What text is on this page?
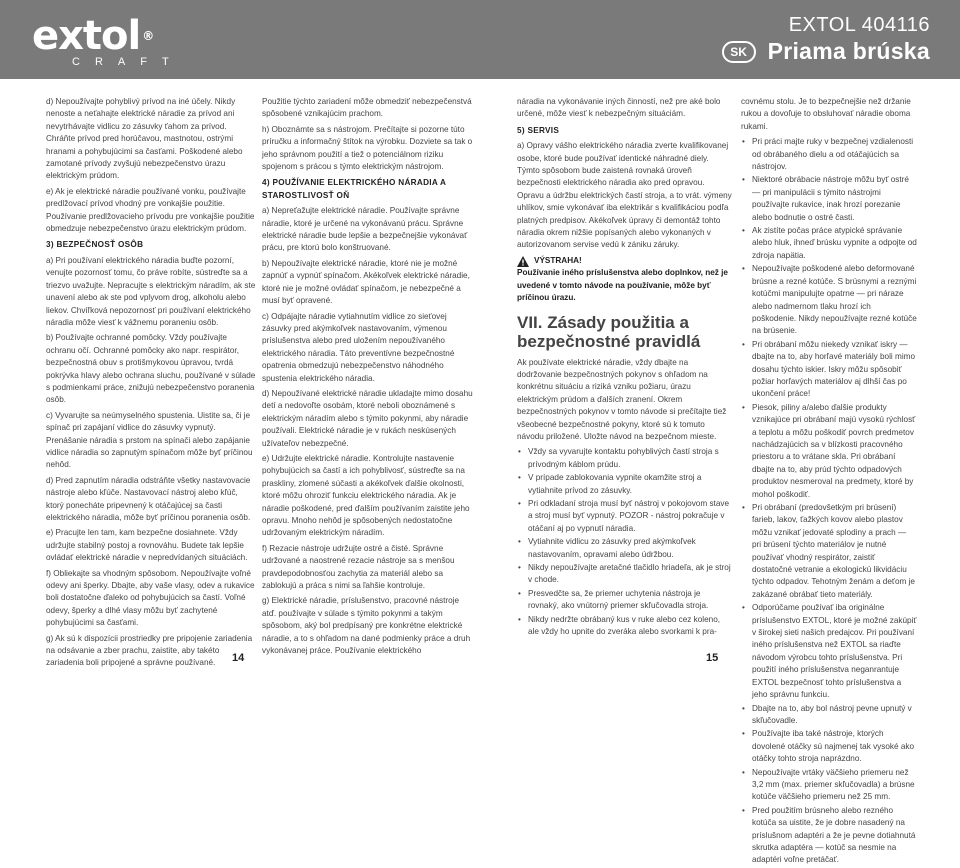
extol ®
CRAFT
EXTOL 404116
SK Priama brúska

d) Nepoužívajte pohyblivý prívod na iné účely. Nikdy nenoste a neťahajte elektrické náradie za prívod ani nevytrhávajte vidlicu zo zásuvky ťahom za prívod. Chráňte prívod pred horúčavou, mastnotou, ostrými hranami a pohybujúcimi sa časťami. Poškodené alebo zamotané prívody zvyšujú nebezpečenstvo úrazu elektrickým prúdom.

e) Ak je elektrické náradie používané vonku, používajte predlžovací prívod vhodný pre vonkajšie použitie. Používanie predlžovacieho prívodu pre vonkajšie použitie obmedzuje nebezpečenstvo úrazu elektrickým prúdom.

3) BEZPEČNOSŤ OSÔB

a) Pri používaní elektrického náradia buďte pozorní, venujte pozornosť tomu, čo práve robíte, sústreďte sa a triezvo uvažujte. Nepracujte s elektrickým náradím, ak ste unavení alebo ak ste pod vplyvom drog, alkoholu alebo liekov. Chvíľková nepozornosť pri používaní elektrického náradia môže viesť k vážnemu poraneniu osôb.

b) Používajte ochranné pomôcky. Vždy používajte ochranu očí. Ochranné pomôcky ako napr. respirátor, bezpečnostná obuv s protišmykovou úpravou, tvrdá pokrývka hlavy alebo ochrana sluchu, používané v súlade s podmienkami práce, znižujú nebezpečenstvo poranenia osôb.

c) Vyvarujte sa neúmyselného spustenia. Uistite sa, či je spínač pri zapájaní vidlice do zásuvky vypnutý. Prenášanie náradia s prstom na spínači alebo zapájanie vidlice náradia so zapnutým spínačom môže byť príčinou nehôd.

d) Pred zapnutím náradia odstráňte všetky nastavovacie nástroje alebo kľúče. Nastavovací nástroj alebo kľúč, ktorý ponecháte pripevnený k otáčajúcej sa časti elektrického náradia, môže byť príčinou poranenia osôb.

e) Pracujte len tam, kam bezpečne dosiahnete. Vždy udržujte stabilný postoj a rovnováhu. Budete tak lepšie ovládať elektrické náradie v nepredvídaných situáciách.

f) Obliekajte sa vhodným spôsobom. Nepoužívajte voľné odevy ani šperky. Dbajte, aby vaše vlasy, odev a rukavice boli dostatočne ďaleko od pohybujúcich sa častí. Voľné odevy, šperky a dlhé vlasy môžu byť zachytené pohybujúcimi sa časťami.

g) Ak sú k dispozícii prostriedky pre pripojenie zariadenia na odsávanie a zber prachu, zaistite, aby takéto zariadenia boli pripojené a správne používané.

Použitie týchto zariadení môže obmedziť nebezpečenstvá spôsobené vznikajúcim prachom.

h) Oboznámte sa s nástrojom. Prečítajte si pozorne túto príručku a informačný štítok na výrobku. Dozviete sa tak o jeho správnom použití a tiež o potenciálnom riziku spojenom s prácou s týmto elektrickým nástrojom.

4) POUŽÍVANIE ELEKTRICKÉHO NÁRADIA A STAROSTLIVOSŤ OŇ

a) Nepreťažujte elektrické náradie. Používajte správne náradie, ktoré je určené na vykonávanú prácu. Správne elektrické náradie bude lepšie a bezpečnejšie vykonávať prácu, pre ktorú bolo konštruované.

b) Nepoužívajte elektrické náradie, ktoré nie je možné zapnúť a vypnúť spínačom. Akékoľvek elektrické náradie, ktoré nie je možné ovládať spínačom, je nebezpečné a musí byť opravené.

c) Odpájajte náradie vytiahnutím vidlice zo sieťovej zásuvky pred akýmkoľvek nastavovaním, výmenou príslušenstva alebo pred uložením nepoužívaného elektrického náradia. Táto preventívne bezpečnostné opatrenia obmedzujú nebezpečenstvo náhodného spustenia elektrického náradia.

d) Nepoužívané elektrické náradie ukladajte mimo dosahu detí a nedovoľte osobám, ktoré neboli oboznámené s elektrickým náradím alebo s týmito pokynmi, aby náradie používali. Elektrické náradie je v rukách neskúsených užívateľov nebezpečné.

e) Udržujte elektrické náradie. Kontrolujte nastavenie pohybujúcich sa častí a ich pohyblivosť, sústreďte sa na praskliny, zlomené súčasti a akékoľvek ďalšie okolnosti, ktoré môžu ohroziť funkciu elektrického náradia. Ak je náradie poškodené, pred ďalším používaním zaistite jeho opravu. Mnoho nehôd je spôsobených nedostatočne udržovaným elektrickým náradím.

f) Rezacie nástroje udržujte ostré a čisté. Správne udržované a naostrené rezacie nástroje sa s menšou pravdepodobnosťou zachytia za materiál alebo sa zablokujú a práca s nimi sa ľahšie kontroluje.

g) Elektrické náradie, príslušenstvo, pracovné nástroje atď. používajte v súlade s týmito pokynmi a takým spôsobom, aký bol predpísaný pre konkrétne elektrické náradie, a to s ohľadom na dané podmienky práce a druh vykonávanej práce. Používanie elektrického

náradia na vykonávanie iných činností, než pre aké bolo určené, môže viesť k nebezpečným situáciám.

5) SERVIS

a) Opravy vášho elektrického náradia zverte kvalifikovanej osobe, ktoré bude používať identické náhradné diely. Týmto spôsobom bude zaistená rovnaká úroveň bezpečnosti elektrického náradia ako pred opravou. Opravu a údržbu elektrických častí stroja, a to vrát. výmeny uhlíkov, smie vykonávať iba elektrikár s kvalifikáciou podľa platných predpisov. Akékoľvek úpravy či demontáž tohto náradia okrem nižšie popísaných alebo vykonaných v autorizovanom servise vedú k zániku záruky.

VÝSTRAHA!

Používanie iného príslušenstva alebo doplnkov, než je uvedené v tomto návode na používanie, môže byť príčinou úrazu.

VII. Zásady použitia a bezpečnostné pravidlá

Ak používate elektrické náradie, vždy dbajte na dodržovanie bezpečnostných pokynov s ohľadom na konkrétnu situáciu a riziká vzniku požiaru, úrazu elektrickým prúdom a ďalších zranení. Okrem bezpečnostných pokynov v tomto návode si prečítajte tiež všeobecné bezpečnostné pokyny, ktoré sú k tomuto návodu priložené. Uložte návod na bezpečnom mieste.

• Vždy sa vyvarujte kontaktu pohyblivých častí stroja s prívodným káblom prúdu.
• V prípade zablokovania vypnite okamžite stroj a vytiahnite prívod zo zásuvky.
• Pri odkladaní stroja musí byť nástroj v pokojovom stave a stroj musí byť vypnutý. POZOR - nástroj pokračuje v otáčaní aj po vypnutí náradia.
• Vytiahnite vidlicu zo zásuvky pred akýmkoľvek nastavovaním, opravami alebo údržbou.
• Nikdy nepoužívajte aretačné tlačidlo hriadeľa, ak je stroj v chode.
• Presvedčte sa, že priemer uchytenia nástroja je rovnaký, ako vnútorný priemer skľučovadla stroja.
• Nikdy nedržte obrábaný kus v ruke alebo cez koleno, ale vždy ho upnite do zveráka alebo svorkami k pra-

covnému stolu. Je to bezpečnejšie než držanie rukou a dovoľuje to obsluhovať náradie oboma rukami.

• Pri práci majte ruky v bezpečnej vzdialenosti od obrábaného dielu a od otáčajúcich sa nástrojov.
• Niektoré obrábacie nástroje môžu byť ostré — pri manipulácii s týmito nástrojmi používajte rukavice, inak hrozí porezanie alebo bodnutie o ostré časti.
• Ak zistíte počas práce atypické správanie alebo hluk, ihneď brúsku vypnite a odpojte od zdroja napätia.
• Nepoužívajte poškodené alebo deformované brúsne a rezné kotúče. S brúsnymi a reznými kotúčmi manipulujte opatrne — pri náraze alebo nadmernom tlaku hrozí ich poškodenie. Nikdy nepoužívajte rezné kotúče na brúsenie.
• Pri obrábaní môžu niekedy vznikať iskry — dbajte na to, aby horľavé materiály boli mimo dosahu týchto iskier. Iskry môžu spôsobiť požiar horľavých materiálov aj dlhší čas po ukončení práce!
• Piesok, piliny a/alebo ďalšie produkty vznikajúce pri obrábaní majú vysokú rýchlosť a teplotu a môžu poškodiť povrch predmetov nachádzajúcich sa v blízkosti pracovného priestoru a to vrátane skla. Pri obrábaní dbajte na to, aby prúd týchto odpadových produktov nesmeroval na predmety, ktoré by mohol poškodiť.
• Pri obrábaní (predovšetkým pri brúsení) farieb, lakov, ťažkých kovov alebo plastov môžu vznikať jedovaté splodiny a prach — pri brúsení týchto materiálov je nutné používať vhodný respirátor, zaistiť dostatočné vetranie a ekologickú likvidáciu týchto odpadov. Tehotným ženám a deťom je zakázané obrábať tieto materiály.
• Odporúčame používať iba originálne príslušenstvo EXTOL, ktoré je možné zakúpiť v širokej sieti našich predajcov. Pri používaní iného príslušenstva než EXTOL sa riaďte návodom výrobcu tohto príslušenstva. Pri použití iného príslušenstva neganrantuje EXTOL bezpečnosť tohto príslušenstva a jeho správnu funkciu.
• Dbajte na to, aby bol nástroj pevne upnutý v skľučovadle.
• Používajte iba také nástroje, ktorých dovolené otáčky sú najmenej tak vysoké ako otáčky tohto stroja naprázdno.
• Nepoužívajte vrtáky väčšieho priemeru než 3,2 mm (max. priemer skľučovadla) a brúsne kotúče väčšieho priemeru než 25 mm.
• Pred použitím brúsneho alebo rezného kotúča sa uistite, že je dobre nasadený na príslušnom adaptéri a že je pevne dotiahnutá skrutka adaptéra — kotúč sa nesmie na adaptéri voľne pretáčať.
14	15
